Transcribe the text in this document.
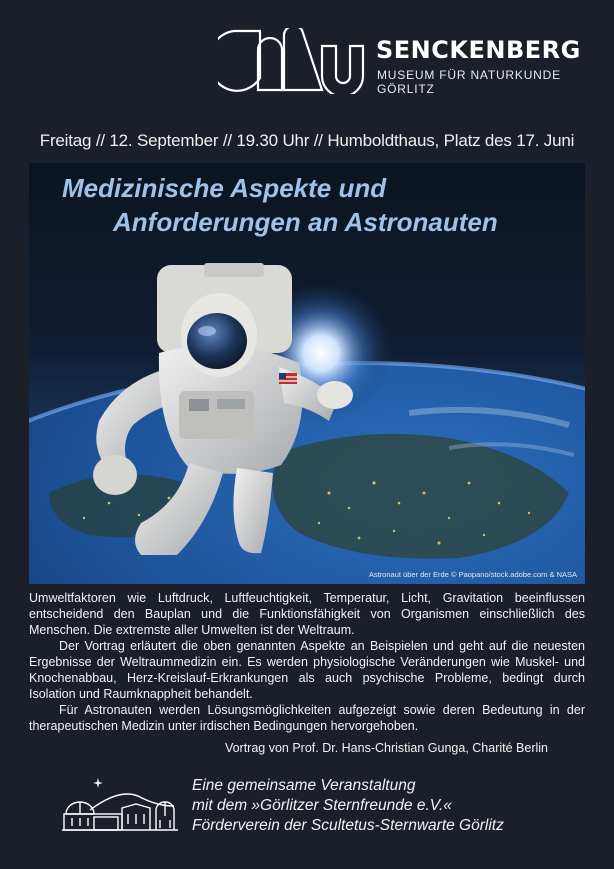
SENCKENBERG
MUSEUM FÜR NATURKUNDE
GÖRLITZ
Freitag // 12. September // 19.30 Uhr // Humboldthaus, Platz des 17. Juni
Medizinische Aspekte und
Anforderungen an Astronauten
Astronaut über der Erde © Paopano/stock.adobe.com & NASA

Umweltfaktoren wie Luftdruck, Luftfeuchtigkeit, Temperatur, Licht, Gravitation beeinflussen entscheidend den Bauplan und die Funktionsfähigkeit von Organismen einschließlich des Menschen. Die extremste aller Umwelten ist der Weltraum.

Der Vortrag erläutert die oben genannten Aspekte an Beispielen und geht auf die neuesten Ergebnisse der Weltraummedizin ein. Es werden physiologische Veränderungen wie Muskel- und Knochenabbau, Herz-Kreislauf-Erkrankungen als auch psychische Probleme, bedingt durch Isolation und Raumknappheit behandelt.

Für Astronauten werden Lösungsmöglichkeiten aufgezeigt sowie deren Bedeutung in der therapeutischen Medizin unter irdischen Bedingungen hervorgehoben.

Vortrag von Prof. Dr. Hans-Christian Gunga, Charité Berlin
Eine gemeinsame Veranstaltung
mit dem »Görlitzer Sternfreunde e.V.«
Förderverein der Scultetus-Sternwarte Görlitz
